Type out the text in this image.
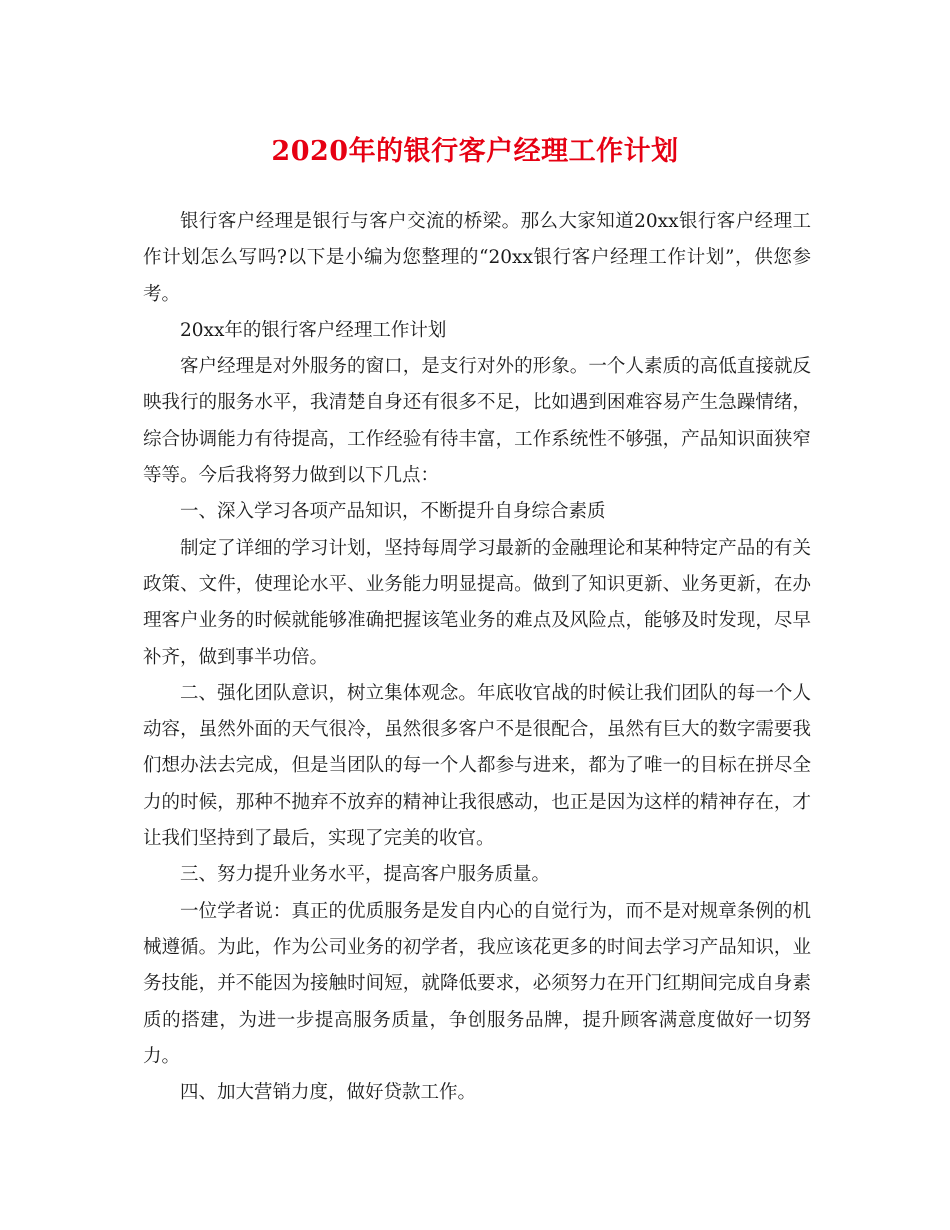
2020年的银行客户经理工作计划

银行客户经理是银行与客户交流的桥梁。那么大家知道20xx银行客户经理工作计划怎么写吗?以下是小编为您整理的“20xx银行客户经理工作计划”，供您参考。

20xx年的银行客户经理工作计划

客户经理是对外服务的窗口，是支行对外的形象。一个人素质的高低直接就反映我行的服务水平，我清楚自身还有很多不足，比如遇到困难容易产生急躁情绪，综合协调能力有待提高，工作经验有待丰富，工作系统性不够强，产品知识面狭窄等等。今后我将努力做到以下几点：

一、深入学习各项产品知识，不断提升自身综合素质

制定了详细的学习计划，坚持每周学习最新的金融理论和某种特定产品的有关政策、文件，使理论水平、业务能力明显提高。做到了知识更新、业务更新，在办理客户业务的时候就能够准确把握该笔业务的难点及风险点，能够及时发现，尽早补齐，做到事半功倍。

二、强化团队意识，树立集体观念。年底收官战的时候让我们团队的每一个人动容，虽然外面的天气很冷，虽然很多客户不是很配合，虽然有巨大的数字需要我们想办法去完成，但是当团队的每一个人都参与进来，都为了唯一的目标在拼尽全力的时候，那种不抛弃不放弃的精神让我很感动，也正是因为这样的精神存在，才让我们坚持到了最后，实现了完美的收官。

三、努力提升业务水平，提高客户服务质量。

一位学者说：真正的优质服务是发自内心的自觉行为，而不是对规章条例的机械遵循。为此，作为公司业务的初学者，我应该花更多的时间去学习产品知识，业务技能，并不能因为接触时间短，就降低要求，必须努力在开门红期间完成自身素质的搭建，为进一步提高服务质量，争创服务品牌，提升顾客满意度做好一切努力。

四、加大营销力度，做好贷款工作。
